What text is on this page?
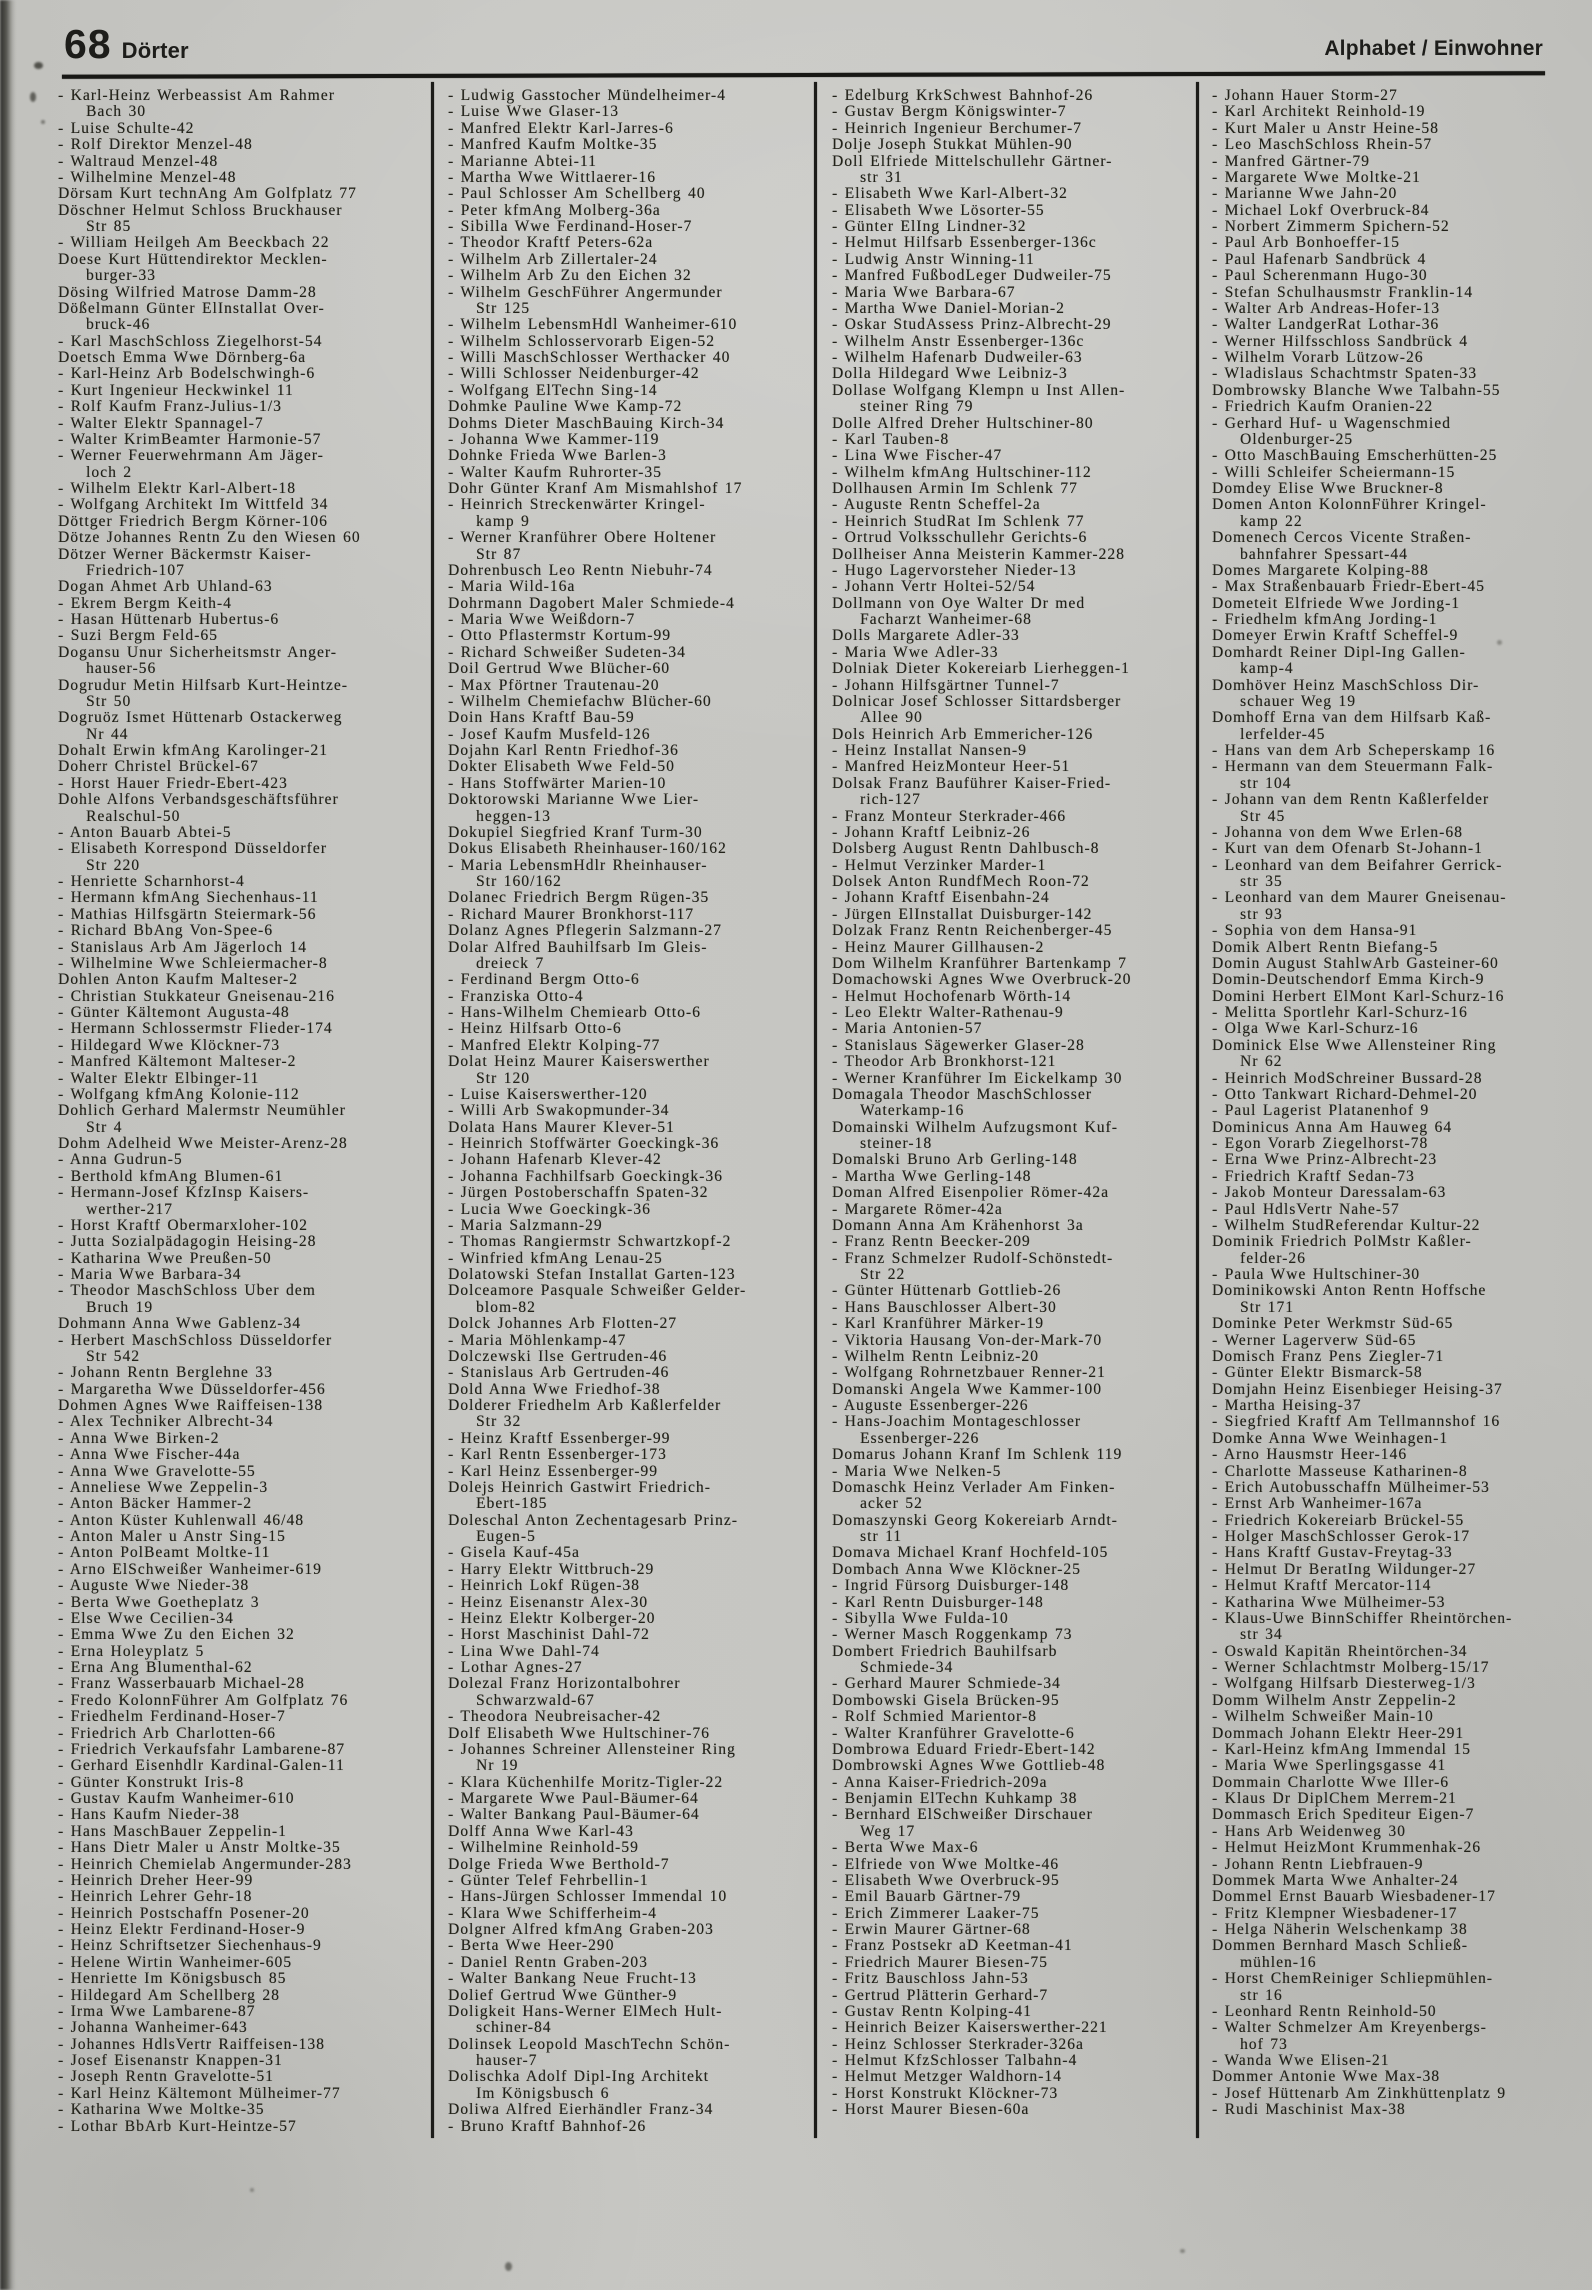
68 Dörter	Alphabet / Einwohner
- Karl-Heinz Werbeassist Am Rahmer
Bach 30
- Luise Schulte-42
- Rolf Direktor Menzel-48
- Waltraud Menzel-48
- Wilhelmine Menzel-48
Dörsam Kurt technAng Am Golfplatz 77
Döschner Helmut Schloss Bruckhauser
Str 85
- William Heilgeh Am Beeckbach 22
Doese Kurt Hüttendirektor Mecklen-
burger-33
Dösing Wilfried Matrose Damm-28
Dößelmann Günter ElInstallat Over-
bruck-46
- Karl MaschSchloss Ziegelhorst-54
Doetsch Emma Wwe Dörnberg-6a
- Karl-Heinz Arb Bodelschwingh-6
- Kurt Ingenieur Heckwinkel 11
- Rolf Kaufm Franz-Julius-1/3
- Walter Elektr Spannagel-7
- Walter KrimBeamter Harmonie-57
- Werner Feuerwehrmann Am Jäger-
loch 2
- Wilhelm Elektr Karl-Albert-18
- Wolfgang Architekt Im Wittfeld 34
Döttger Friedrich Bergm Körner-106
Dötze Johannes Rentn Zu den Wiesen 60
Dötzer Werner Bäckermstr Kaiser-
Friedrich-107
Dogan Ahmet Arb Uhland-63
- Ekrem Bergm Keith-4
- Hasan Hüttenarb Hubertus-6
- Suzi Bergm Feld-65
Dogansu Unur Sicherheitsmstr Anger-
hauser-56
Dogrudur Metin Hilfsarb Kurt-Heintze-
Str 50
Dogruöz Ismet Hüttenarb Ostackerweg
Nr 44
Dohalt Erwin kfmAng Karolinger-21
Doherr Christel Brückel-67
- Horst Hauer Friedr-Ebert-423
Dohle Alfons Verbandsgeschäftsführer
Realschul-50
- Anton Bauarb Abtei-5
- Elisabeth Korrespond Düsseldorfer
Str 220
- Henriette Scharnhorst-4
- Hermann kfmAng Siechenhaus-11
- Mathias Hilfsgärtn Steiermark-56
- Richard BbAng Von-Spee-6
- Stanislaus Arb Am Jägerloch 14
- Wilhelmine Wwe Schleiermacher-8
Dohlen Anton Kaufm Malteser-2
- Christian Stukkateur Gneisenau-216
- Günter Kältemont Augusta-48
- Hermann Schlossermstr Flieder-174
- Hildegard Wwe Klöckner-73
- Manfred Kältemont Malteser-2
- Walter Elektr Elbinger-11
- Wolfgang kfmAng Kolonie-112
Dohlich Gerhard Malermstr Neumühler
Str 4
Dohm Adelheid Wwe Meister-Arenz-28
- Anna Gudrun-5
- Berthold kfmAng Blumen-61
- Hermann-Josef KfzInsp Kaisers-
werther-217
- Horst Kraftf Obermarxloher-102
- Jutta Sozialpädagogin Heising-28
- Katharina Wwe Preußen-50
- Maria Wwe Barbara-34
- Theodor MaschSchloss Uber dem
Bruch 19
Dohmann Anna Wwe Gablenz-34
- Herbert MaschSchloss Düsseldorfer
Str 542
- Johann Rentn Berglehne 33
- Margaretha Wwe Düsseldorfer-456
Dohmen Agnes Wwe Raiffeisen-138
- Alex Techniker Albrecht-34
- Anna Wwe Birken-2
- Anna Wwe Fischer-44a
- Anna Wwe Gravelotte-55
- Anneliese Wwe Zeppelin-3
- Anton Bäcker Hammer-2
- Anton Küster Kuhlenwall 46/48
- Anton Maler u Anstr Sing-15
- Anton PolBeamt Moltke-11
- Arno ElSchweißer Wanheimer-619
- Auguste Wwe Nieder-38
- Berta Wwe Goetheplatz 3
- Else Wwe Cecilien-34
- Emma Wwe Zu den Eichen 32
- Erna Holeyplatz 5
- Erna Ang Blumenthal-62
- Franz Wasserbauarb Michael-28
- Fredo KolonnFührer Am Golfplatz 76
- Friedhelm Ferdinand-Hoser-7
- Friedrich Arb Charlotten-66
- Friedrich Verkaufsfahr Lambarene-87
- Gerhard Eisenhdlr Kardinal-Galen-11
- Günter Konstrukt Iris-8
- Gustav Kaufm Wanheimer-610
- Hans Kaufm Nieder-38
- Hans MaschBauer Zeppelin-1
- Hans Dietr Maler u Anstr Moltke-35
- Heinrich Chemielab Angermunder-283
- Heinrich Dreher Heer-99
- Heinrich Lehrer Gehr-18
- Heinrich Postschaffn Posener-20
- Heinz Elektr Ferdinand-Hoser-9
- Heinz Schriftsetzer Siechenhaus-9
- Helene Wirtin Wanheimer-605
- Henriette Im Königsbusch 85
- Hildegard Am Schellberg 28
- Irma Wwe Lambarene-87
- Johanna Wanheimer-643
- Johannes HdlsVertr Raiffeisen-138
- Josef Eisenanstr Knappen-31
- Joseph Rentn Gravelotte-51
- Karl Heinz Kältemont Mülheimer-77
- Katharina Wwe Moltke-35
- Lothar BbArb Kurt-Heintze-57
- Ludwig Gasstocher Mündelheimer-4
- Luise Wwe Glaser-13
- Manfred Elektr Karl-Jarres-6
- Manfred Kaufm Moltke-35
- Marianne Abtei-11
- Martha Wwe Wittlaerer-16
- Paul Schlosser Am Schellberg 40
- Peter kfmAng Molberg-36a
- Sibilla Wwe Ferdinand-Hoser-7
- Theodor Kraftf Peters-62a
- Wilhelm Arb Zillertaler-24
- Wilhelm Arb Zu den Eichen 32
- Wilhelm GeschFührer Angermunder
Str 125
- Wilhelm LebensmHdl Wanheimer-610
- Wilhelm Schlosservorarb Eigen-52
- Willi MaschSchlosser Werthacker 40
- Willi Schlosser Neidenburger-42
- Wolfgang ElTechn Sing-14
Dohmke Pauline Wwe Kamp-72
Dohms Dieter MaschBauing Kirch-34
- Johanna Wwe Kammer-119
Dohnke Frieda Wwe Barlen-3
- Walter Kaufm Ruhrorter-35
Dohr Günter Kranf Am Mismahlshof 17
- Heinrich Streckenwärter Kringel-
kamp 9
- Werner Kranführer Obere Holtener
Str 87
Dohrenbusch Leo Rentn Niebuhr-74
- Maria Wild-16a
Dohrmann Dagobert Maler Schmiede-4
- Maria Wwe Weißdorn-7
- Otto Pflastermstr Kortum-99
- Richard Schweißer Sudeten-34
Doil Gertrud Wwe Blücher-60
- Max Pförtner Trautenau-20
- Wilhelm Chemiefachw Blücher-60
Doin Hans Kraftf Bau-59
- Josef Kaufm Musfeld-126
Dojahn Karl Rentn Friedhof-36
Dokter Elisabeth Wwe Feld-50
- Hans Stoffwärter Marien-10
Doktorowski Marianne Wwe Lier-
heggen-13
Dokupiel Siegfried Kranf Turm-30
Dokus Elisabeth Rheinhauser-160/162
- Maria LebensmHdlr Rheinhauser-
Str 160/162
Dolanec Friedrich Bergm Rügen-35
- Richard Maurer Bronkhorst-117
Dolanz Agnes Pflegerin Salzmann-27
Dolar Alfred Bauhilfsarb Im Gleis-
dreieck 7
- Ferdinand Bergm Otto-6
- Franziska Otto-4
- Hans-Wilhelm Chemiearb Otto-6
- Heinz Hilfsarb Otto-6
- Manfred Elektr Kolping-77
Dolat Heinz Maurer Kaiserswerther
Str 120
- Luise Kaiserswerther-120
- Willi Arb Swakopmunder-34
Dolata Hans Maurer Klever-51
- Heinrich Stoffwärter Goeckingk-36
- Johann Hafenarb Klever-42
- Johanna Fachhilfsarb Goeckingk-36
- Jürgen Postoberschaffn Spaten-32
- Lucia Wwe Goeckingk-36
- Maria Salzmann-29
- Thomas Rangiermstr Schwartzkopf-2
- Winfried kfmAng Lenau-25
Dolatowski Stefan Installat Garten-123
Dolceamore Pasquale Schweißer Gelder-
blom-82
Dolck Johannes Arb Flotten-27
- Maria Möhlenkamp-47
Dolczewski Ilse Gertruden-46
- Stanislaus Arb Gertruden-46
Dold Anna Wwe Friedhof-38
Dolderer Friedhelm Arb Kaßlerfelder
Str 32
- Heinz Kraftf Essenberger-99
- Karl Rentn Essenberger-173
- Karl Heinz Essenberger-99
Dolejs Heinrich Gastwirt Friedrich-
Ebert-185
Doleschal Anton Zechentagesarb Prinz-
Eugen-5
- Gisela Kauf-45a
- Harry Elektr Wittbruch-29
- Heinrich Lokf Rügen-38
- Heinz Eisenanstr Alex-30
- Heinz Elektr Kolberger-20
- Horst Maschinist Dahl-72
- Lina Wwe Dahl-74
- Lothar Agnes-27
Dolezal Franz Horizontalbohrer
Schwarzwald-67
- Theodora Neubreisacher-42
Dolf Elisabeth Wwe Hultschiner-76
- Johannes Schreiner Allensteiner Ring
Nr 19
- Klara Küchenhilfe Moritz-Tigler-22
- Margarete Wwe Paul-Bäumer-64
- Walter Bankang Paul-Bäumer-64
Dolff Anna Wwe Karl-43
- Wilhelmine Reinhold-59
Dolge Frieda Wwe Berthold-7
- Günter Telef Fehrbellin-1
- Hans-Jürgen Schlosser Immendal 10
- Klara Wwe Schifferheim-4
Dolgner Alfred kfmAng Graben-203
- Berta Wwe Heer-290
- Daniel Rentn Graben-203
- Walter Bankang Neue Frucht-13
Dolief Gertrud Wwe Günther-9
Doligkeit Hans-Werner ElMech Hult-
schiner-84
Dolinsek Leopold MaschTechn Schön-
hauser-7
Dolischka Adolf Dipl-Ing Architekt
Im Königsbusch 6
Doliwa Alfred Eierhändler Franz-34
- Bruno Kraftf Bahnhof-26
- Edelburg KrkSchwest Bahnhof-26
- Gustav Bergm Königswinter-7
- Heinrich Ingenieur Berchumer-7
Dolje Joseph Stukkat Mühlen-90
Doll Elfriede Mittelschullehr Gärtner-
str 31
- Elisabeth Wwe Karl-Albert-32
- Elisabeth Wwe Lösorter-55
- Günter ElIng Lindner-32
- Helmut Hilfsarb Essenberger-136c
- Ludwig Anstr Winning-11
- Manfred FußbodLeger Dudweiler-75
- Maria Wwe Barbara-67
- Martha Wwe Daniel-Morian-2
- Oskar StudAssess Prinz-Albrecht-29
- Wilhelm Anstr Essenberger-136c
- Wilhelm Hafenarb Dudweiler-63
Dolla Hildegard Wwe Leibniz-3
Dollase Wolfgang Klempn u Inst Allen-
steiner Ring 79
Dolle Alfred Dreher Hultschiner-80
- Karl Tauben-8
- Lina Wwe Fischer-47
- Wilhelm kfmAng Hultschiner-112
Dollhausen Armin Im Schlenk 77
- Auguste Rentn Scheffel-2a
- Heinrich StudRat Im Schlenk 77
- Ortrud Volksschullehr Gerichts-6
Dollheiser Anna Meisterin Kammer-228
- Hugo Lagervorsteher Nieder-13
- Johann Vertr Holtei-52/54
Dollmann von Oye Walter Dr med
Facharzt Wanheimer-68
Dolls Margarete Adler-33
- Maria Wwe Adler-33
Dolniak Dieter Kokereiarb Lierheggen-1
- Johann Hilfsgärtner Tunnel-7
Dolnicar Josef Schlosser Sittardsberger
Allee 90
Dols Heinrich Arb Emmericher-126
- Heinz Installat Nansen-9
- Manfred HeizMonteur Heer-51
Dolsak Franz Bauführer Kaiser-Fried-
rich-127
- Franz Monteur Sterkrader-466
- Johann Kraftf Leibniz-26
Dolsberg August Rentn Dahlbusch-8
- Helmut Verzinker Marder-1
Dolsek Anton RundfMech Roon-72
- Johann Kraftf Eisenbahn-24
- Jürgen ElInstallat Duisburger-142
Dolzak Franz Rentn Reichenberger-45
- Heinz Maurer Gillhausen-2
Dom Wilhelm Kranführer Bartenkamp 7
Domachowski Agnes Wwe Overbruck-20
- Helmut Hochofenarb Wörth-14
- Leo Elektr Walter-Rathenau-9
- Maria Antonien-57
- Stanislaus Sägewerker Glaser-28
- Theodor Arb Bronkhorst-121
- Werner Kranführer Im Eickelkamp 30
Domagala Theodor MaschSchlosser
Waterkamp-16
Domainski Wilhelm Aufzugsmont Kuf-
steiner-18
Domalski Bruno Arb Gerling-148
- Martha Wwe Gerling-148
Doman Alfred Eisenpolier Römer-42a
- Margarete Römer-42a
Domann Anna Am Krähenhorst 3a
- Franz Rentn Beecker-209
- Franz Schmelzer Rudolf-Schönstedt-
Str 22
- Günter Hüttenarb Gottlieb-26
- Hans Bauschlosser Albert-30
- Karl Kranführer Märker-19
- Viktoria Hausang Von-der-Mark-70
- Wilhelm Rentn Leibniz-20
- Wolfgang Rohrnetzbauer Renner-21
Domanski Angela Wwe Kammer-100
- Auguste Essenberger-226
- Hans-Joachim Montageschlosser
Essenberger-226
Domarus Johann Kranf Im Schlenk 119
- Maria Wwe Nelken-5
Domaschk Heinz Verlader Am Finken-
acker 52
Domaszynski Georg Kokereiarb Arndt-
str 11
Domava Michael Kranf Hochfeld-105
Dombach Anna Wwe Klöckner-25
- Ingrid Fürsorg Duisburger-148
- Karl Rentn Duisburger-148
- Sibylla Wwe Fulda-10
- Werner Masch Roggenkamp 73
Dombert Friedrich Bauhilfsarb
Schmiede-34
- Gerhard Maurer Schmiede-34
Dombowski Gisela Brücken-95
- Rolf Schmied Marientor-8
- Walter Kranführer Gravelotte-6
Dombrowa Eduard Friedr-Ebert-142
Dombrowski Agnes Wwe Gottlieb-48
- Anna Kaiser-Friedrich-209a
- Benjamin ElTechn Kuhkamp 38
- Bernhard ElSchweißer Dirschauer
Weg 17
- Berta Wwe Max-6
- Elfriede von Wwe Moltke-46
- Elisabeth Wwe Overbruck-95
- Emil Bauarb Gärtner-79
- Erich Zimmerer Laaker-75
- Erwin Maurer Gärtner-68
- Franz Postsekr aD Keetman-41
- Friedrich Maurer Biesen-75
- Fritz Bauschloss Jahn-53
- Gertrud Plätterin Gerhard-7
- Gustav Rentn Kolping-41
- Heinrich Beizer Kaiserswerther-221
- Heinz Schlosser Sterkrader-326a
- Helmut KfzSchlosser Talbahn-4
- Helmut Metzger Waldhorn-14
- Horst Konstrukt Klöckner-73
- Horst Maurer Biesen-60a
- Johann Hauer Storm-27
- Karl Architekt Reinhold-19
- Kurt Maler u Anstr Heine-58
- Leo MaschSchloss Rhein-57
- Manfred Gärtner-79
- Margarete Wwe Moltke-21
- Marianne Wwe Jahn-20
- Michael Lokf Overbruck-84
- Norbert Zimmerm Spichern-52
- Paul Arb Bonhoeffer-15
- Paul Hafenarb Sandbrück 4
- Paul Scherenmann Hugo-30
- Stefan Schulhausmstr Franklin-14
- Walter Arb Andreas-Hofer-13
- Walter LandgerRat Lothar-36
- Werner Hilfsschloss Sandbrück 4
- Wilhelm Vorarb Lützow-26
- Wladislaus Schachtmstr Spaten-33
Dombrowsky Blanche Wwe Talbahn-55
- Friedrich Kaufm Oranien-22
- Gerhard Huf- u Wagenschmied
Oldenburger-25
- Otto MaschBauing Emscherhütten-25
- Willi Schleifer Scheiermann-15
Domdey Elise Wwe Bruckner-8
Domen Anton KolonnFührer Kringel-
kamp 22
Domenech Cercos Vicente Straßen-
bahnfahrer Spessart-44
Domes Margarete Kolping-88
- Max Straßenbauarb Friedr-Ebert-45
Dometeit Elfriede Wwe Jording-1
- Friedhelm kfmAng Jording-1
Domeyer Erwin Kraftf Scheffel-9
Domhardt Reiner Dipl-Ing Gallen-
kamp-4
Domhöver Heinz MaschSchloss Dir-
schauer Weg 19
Domhoff Erna van dem Hilfsarb Kaß-
lerfelder-45
- Hans van dem Arb Scheperskamp 16
- Hermann van dem Steuermann Falk-
str 104
- Johann van dem Rentn Kaßlerfelder
Str 45
- Johanna von dem Wwe Erlen-68
- Kurt van dem Ofenarb St-Johann-1
- Leonhard van dem Beifahrer Gerrick-
str 35
- Leonhard van dem Maurer Gneisenau-
str 93
- Sophia von dem Hansa-91
Domik Albert Rentn Biefang-5
Domin August StahlwArb Gasteiner-60
Domin-Deutschendorf Emma Kirch-9
Domini Herbert ElMont Karl-Schurz-16
- Melitta Sportlehr Karl-Schurz-16
- Olga Wwe Karl-Schurz-16
Dominick Else Wwe Allensteiner Ring
Nr 62
- Heinrich ModSchreiner Bussard-28
- Otto Tankwart Richard-Dehmel-20
- Paul Lagerist Platanenhof 9
Dominicus Anna Am Hauweg 64
- Egon Vorarb Ziegelhorst-78
- Erna Wwe Prinz-Albrecht-23
- Friedrich Kraftf Sedan-73
- Jakob Monteur Daressalam-63
- Paul HdlsVertr Nahe-57
- Wilhelm StudReferendar Kultur-22
Dominik Friedrich PolMstr Kaßler-
felder-26
- Paula Wwe Hultschiner-30
Dominikowski Anton Rentn Hoffsche
Str 171
Dominke Peter Werkmstr Süd-65
- Werner Lagerverw Süd-65
Domisch Franz Pens Ziegler-71
- Günter Elektr Bismarck-58
Domjahn Heinz Eisenbieger Heising-37
- Martha Heising-37
- Siegfried Kraftf Am Tellmannshof 16
Domke Anna Wwe Weinhagen-1
- Arno Hausmstr Heer-146
- Charlotte Masseuse Katharinen-8
- Erich Autobusschaffn Mülheimer-53
- Ernst Arb Wanheimer-167a
- Friedrich Kokereiarb Brückel-55
- Holger MaschSchlosser Gerok-17
- Hans Kraftf Gustav-Freytag-33
- Helmut Dr BeratIng Wildunger-27
- Helmut Kraftf Mercator-114
- Katharina Wwe Mülheimer-53
- Klaus-Uwe BinnSchiffer Rheintörchen-
str 34
- Oswald Kapitän Rheintörchen-34
- Werner Schlachtmstr Molberg-15/17
- Wolfgang Hilfsarb Diesterweg-1/3
Domm Wilhelm Anstr Zeppelin-2
- Wilhelm Schweißer Main-10
Dommach Johann Elektr Heer-291
- Karl-Heinz kfmAng Immendal 15
- Maria Wwe Sperlingsgasse 41
Dommain Charlotte Wwe Iller-6
- Klaus Dr DiplChem Merrem-21
Dommasch Erich Spediteur Eigen-7
- Hans Arb Weidenweg 30
- Helmut HeizMont Krummenhak-26
- Johann Rentn Liebfrauen-9
Dommek Marta Wwe Anhalter-24
Dommel Ernst Bauarb Wiesbadener-17
- Fritz Klempner Wiesbadener-17
- Helga Näherin Welschenkamp 38
Dommen Bernhard Masch Schließ-
mühlen-16
- Horst ChemReiniger Schliepmühlen-
str 16
- Leonhard Rentn Reinhold-50
- Walter Schmelzer Am Kreyenbergs-
hof 73
- Wanda Wwe Elisen-21
Dommer Antonie Wwe Max-38
- Josef Hüttenarb Am Zinkhüttenplatz 9
- Rudi Maschinist Max-38
